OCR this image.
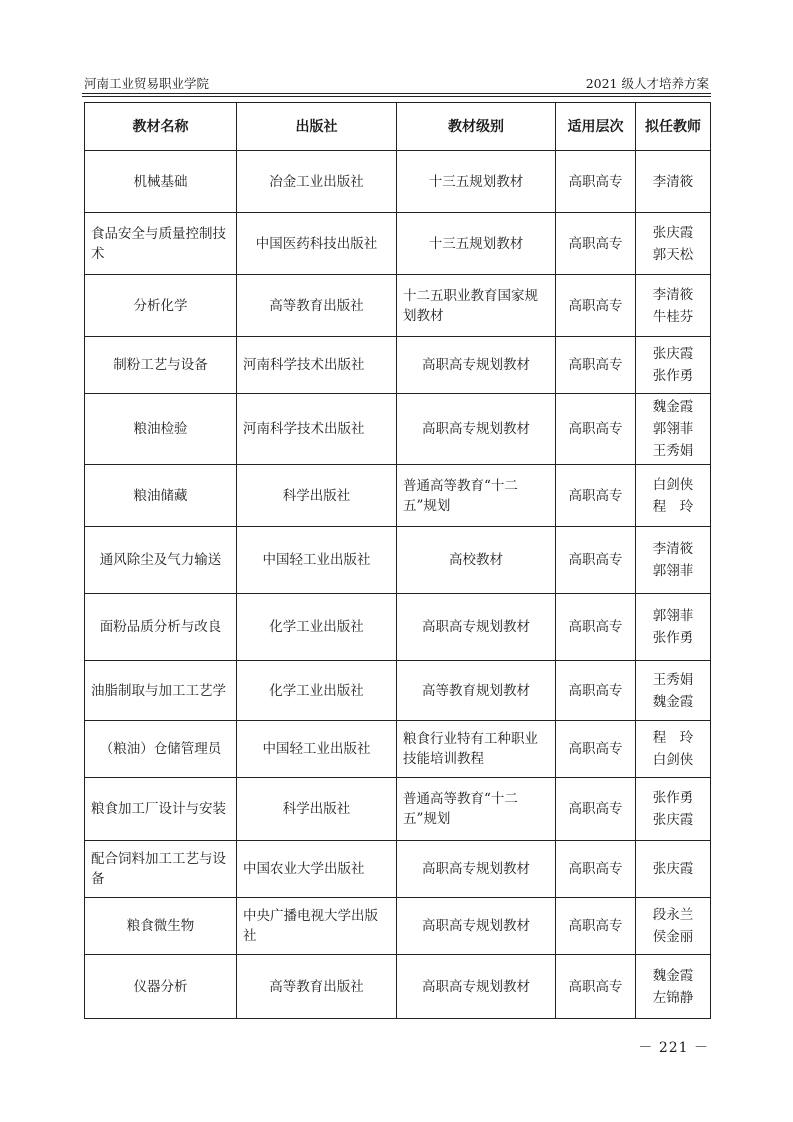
河南工业贸易职业学院	2021 级人才培养方案
教材名称	出版社	教材级别	适用层次	拟任教师
机械基础	冶金工业出版社	十三五规划教材	高职高专	李清筱

食品安全与质量控制技术	中国医药科技出版社	十三五规划教材	高职高专	张庆霞
郭天松

分析化学	高等教育出版社	十二五职业教育国家规划教材	高职高专	李清筱
牛桂芬

制粉工艺与设备	河南科学技术出版社	高职高专规划教材	高职高专	张庆霞
张作勇

粮油检验	河南科学技术出版社	高职高专规划教材	高职高专	魏金霞
郭翎菲
王秀娟

粮油储藏	科学出版社	普通高等教育“十二五”规划	高职高专	白剑侠
程　玲

通风除尘及气力输送	中国轻工业出版社	高校教材	高职高专	李清筱
郭翎菲

面粉品质分析与改良	化学工业出版社	高职高专规划教材	高职高专	郭翎菲
张作勇

油脂制取与加工工艺学	化学工业出版社	高等教育规划教材	高职高专	王秀娟
魏金霞

（粮油）仓储管理员	中国轻工业出版社	粮食行业特有工种职业技能培训教程	高职高专	程　玲
白剑侠

粮食加工厂设计与安装	科学出版社	普通高等教育“十二五”规划	高职高专	张作勇
张庆霞

配合饲料加工工艺与设备	中国农业大学出版社	高职高专规划教材	高职高专	张庆霞

粮食微生物	中央广播电视大学出版社	高职高专规划教材	高职高专	段永兰
侯金丽

仪器分析	高等教育出版社	高职高专规划教材	高职高专	魏金霞
左锦静
－ 221 －
